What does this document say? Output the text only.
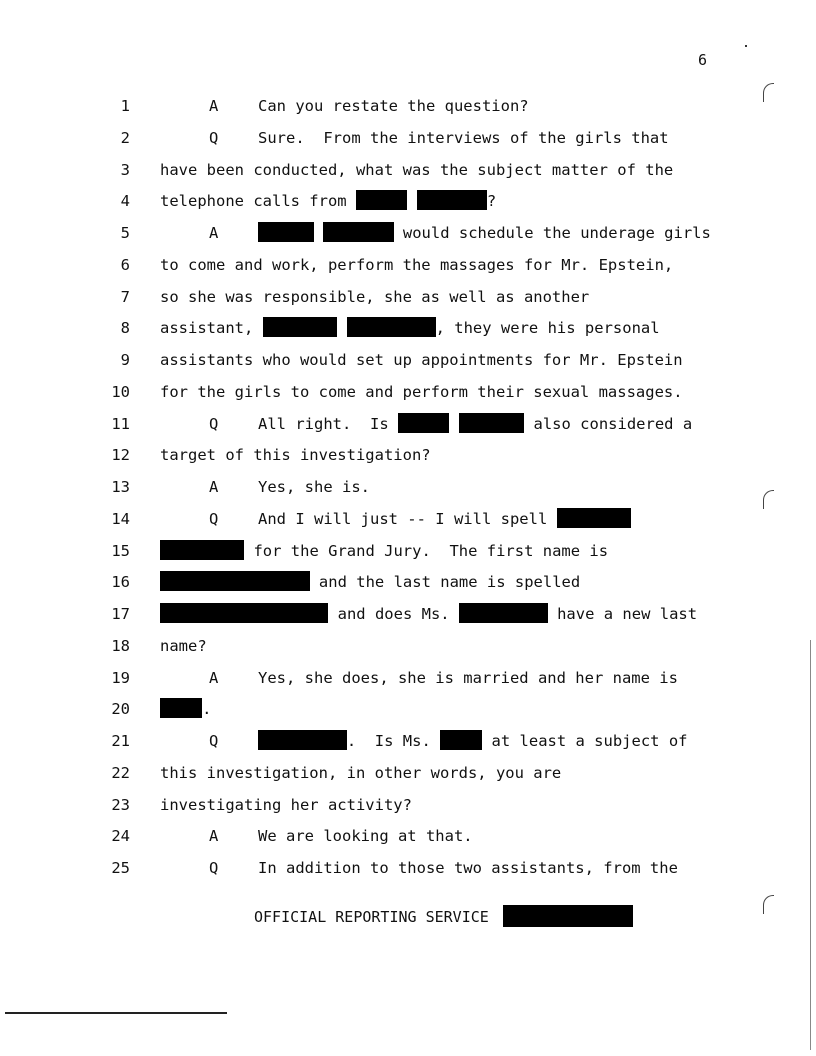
6
1	A	Can you restate the question?
2	Q	Sure.  From the interviews of the girls that
3 have been conducted, what was the subject matter of the
4 telephone calls from	?
5	A	would schedule the underage girls
6 to come and work, perform the massages for Mr. Epstein,
7 so she was responsible, she as well as another
8 assistant,	, they were his personal
9 assistants who would set up appointments for Mr. Epstein
10 for the girls to come and perform their sexual massages.
11	Q	All right.  Is	also considered a
12 target of this investigation?
13	A	Yes, she is.
14	Q	And I will just -- I will spell
15	for the Grand Jury.  The first name is
16	and the last name is spelled
17	and does Ms.	have a new last
18 name?
19	A	Yes, she does, she is married and her name is
20	.
21	Q	.  Is Ms.	at least a subject of
22 this investigation, in other words, you are
23 investigating her activity?
24	A	We are looking at that.
25	Q	In addition to those two assistants, from the
OFFICIAL REPORTING SERVICE
